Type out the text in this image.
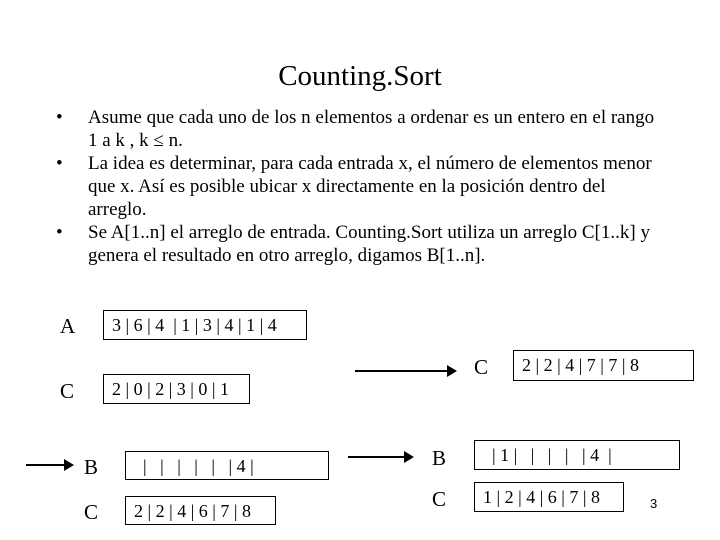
Counting.Sort
• Asume que cada uno de los n elementos a ordenar es un entero en el rango 1 a k , k ≤ n.
• La idea es determinar, para cada entrada x, el número de elementos menor que x. Así es posible ubicar x directamente en la posición dentro del arreglo.
• Se A[1..n] el arreglo de entrada. Counting.Sort utiliza un arreglo C[1..k] y genera el resultado en otro arreglo, digamos B[1..n].
A	3 | 6 | 4  | 1 | 3 | 4 | 1 | 4
C	2 | 0 | 2 | 3 | 0 | 1
C	2 | 2 | 4 | 7 | 7 | 8
B	|   |   |   |   |   | 4 |
C	2 | 2 | 4 | 6 | 7 | 8
B	| 1 |   |   |   |   | 4  |
C	1 | 2 | 4 | 6 | 7 | 8	3
